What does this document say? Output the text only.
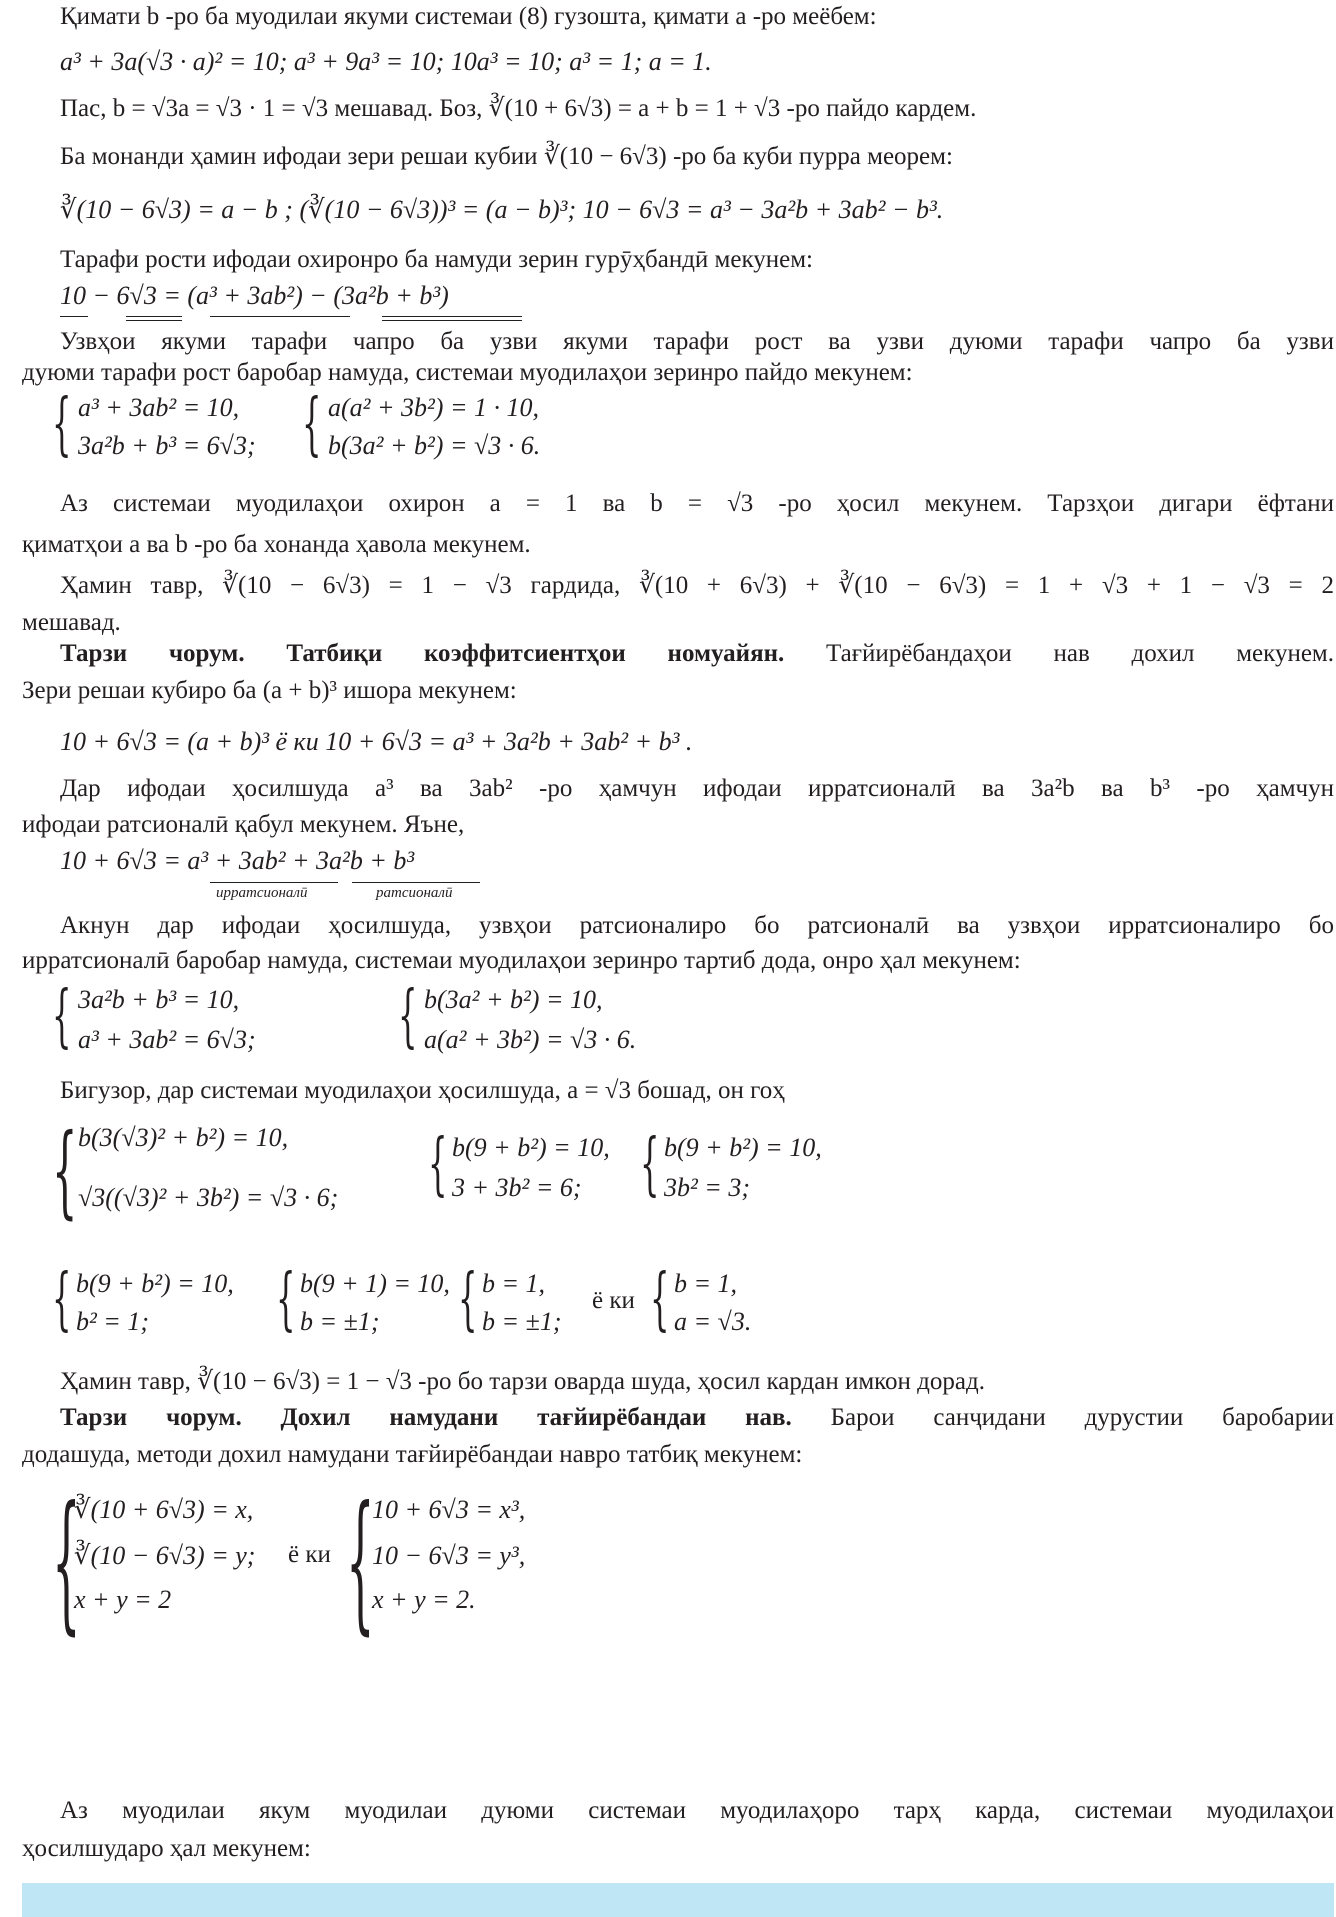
Қимати b -ро ба муодилаи якуми системаи (8) гузошта, қимати a -ро меёбем:
a³ + 3a(√3 · a)² = 10; a³ + 9a³ = 10; 10a³ = 10; a³ = 1; a = 1.
Пас, b = √3a = √3 · 1 = √3 мешавад. Боз, ∛(10 + 6√3) = a + b = 1 + √3 -ро пайдо кардем.
Ба монанди ҳамин ифодаи зери решаи кубии ∛(10 − 6√3) -ро ба куби пурра меорем:
∛(10 − 6√3) = a − b ; (∛(10 − 6√3))³ = (a − b)³; 10 − 6√3 = a³ − 3a²b + 3ab² − b³.
Тарафи рости ифодаи охиронро ба намуди зерин гурӯҳбандӣ мекунем:
10 − 6√3 = (a³ + 3ab²) − (3a²b + b³)
Узвҳои якуми тарафи чапро ба узви якуми тарафи рост ва узви дуюми тарафи чапро ба узви
дуюми тарафи рост баробар намуда, системаи муодилаҳои зеринро пайдо мекунем:
{ a³ + 3ab² = 10,
3a²b + b³ = 6√3; { a(a² + 3b²) = 1 · 10,
b(3a² + b²) = √3 · 6.
Аз системаи муодилаҳои охирон a = 1 ва b = √3 -ро ҳосил мекунем. Тарзҳои дигари ёфтани
қиматҳои a ва b -ро ба хонанда ҳавола мекунем.
Ҳамин тавр, ∛(10 − 6√3) = 1 − √3 гардида, ∛(10 + 6√3) + ∛(10 − 6√3) = 1 + √3 + 1 − √3 = 2
мешавад.
Тарзи чорум. Татбиқи коэффитсиентҳои номуайян. Тағйирёбандаҳои нав дохил мекунем.
Зери решаи кубиро ба (a + b)³ ишора мекунем:
10 + 6√3 = (a + b)³ ё ки 10 + 6√3 = a³ + 3a²b + 3ab² + b³ .
Дар ифодаи ҳосилшуда a³ ва 3ab² -ро ҳамчун ифодаи ирратсионалӣ ва 3a²b ва b³ -ро ҳамчун
ифодаи ратсионалӣ қабул мекунем. Яъне,
10 + 6√3 = a³ + 3ab² + 3a²b + b³
ирратсионалӣ	ратсионалӣ
Акнун дар ифодаи ҳосилшуда, узвҳои ратсионалиро бо ратсионалӣ ва узвҳои ирратсионалиро бо
ирратсионалӣ баробар намуда, системаи муодилаҳои зеринро тартиб дода, онро ҳал мекунем:
{ 3a²b + b³ = 10,
a³ + 3ab² = 6√3; { b(3a² + b²) = 10,
a(a² + 3b²) = √3 · 6.
Бигузор, дар системаи муодилаҳои ҳосилшуда, a = √3 бошад, он гоҳ
{ b(3(√3)² + b²) = 10,
√3((√3)² + 3b²) = √3 · 6; { b(9 + b²) = 10,
3 + 3b² = 6; { b(9 + b²) = 10,
3b² = 3;
{ b(9 + b²) = 10,
b² = 1; { b(9 + 1) = 10,
b = ±1; { b = 1,
b = ±1;
ё ки { b = 1,
a = √3.
Ҳамин тавр, ∛(10 − 6√3) = 1 − √3 -ро бо тарзи оварда шуда, ҳосил кардан имкон дорад.
Тарзи чорум. Дохил намудани тағйирёбандаи нав. Барои санҷидани дурустии баробарии
додашуда, методи дохил намудани тағйирёбандаи наврo татбиқ мекунем:
{
∛(10 + 6√3) = x,
∛(10 − 6√3) = y;
x + y = 2
ё ки {
10 + 6√3 = x³,
10 − 6√3 = y³,
x + y = 2.
Аз муодилаи якум муодилаи дуюми системаи муодилаҳоро тарҳ карда, системаи муодилаҳои
ҳосилшударо ҳал мекунем:
